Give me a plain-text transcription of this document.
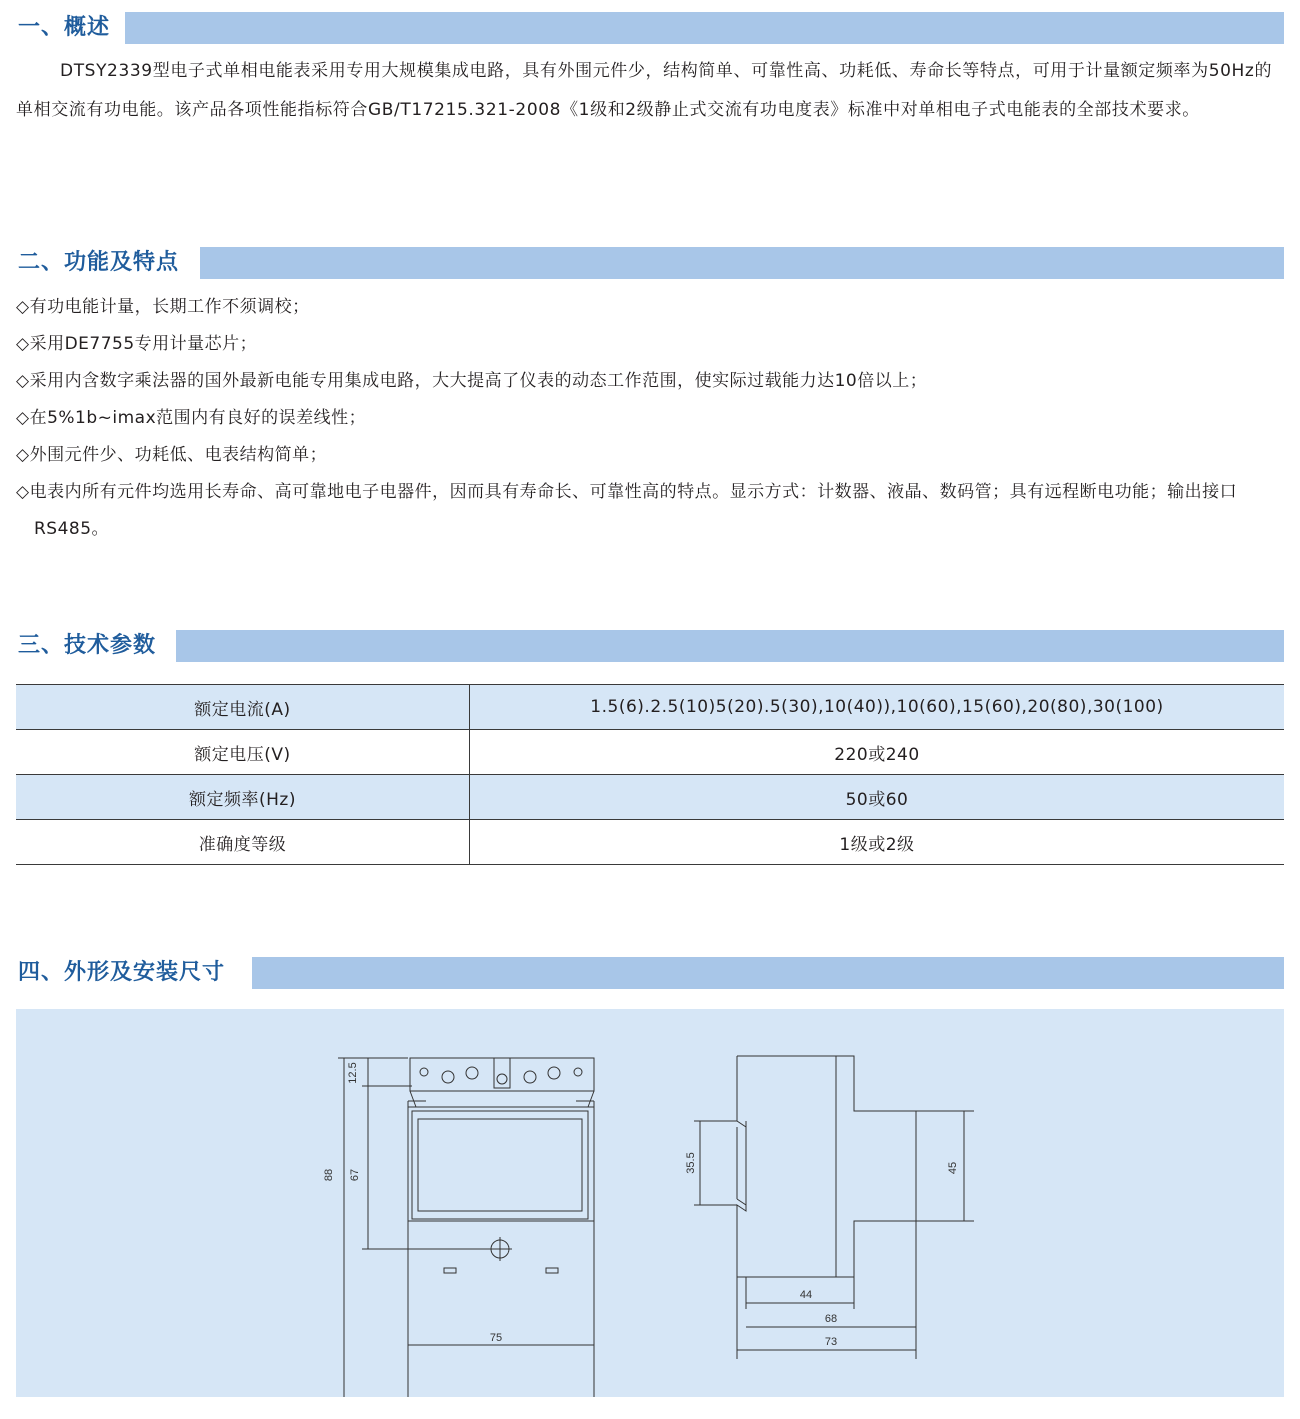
一、概述
DTSY2339型电子式单相电能表采用专用大规模集成电路，具有外围元件少，结构简单、可靠性高、功耗低、寿命长等特点，可用于计量额定频率为50Hz的单相交流有功电能。该产品各项性能指标符合GB/T17215.321-2008《1级和2级静止式交流有功电度表》标准中对单相电子式电能表的全部技术要求。
二、功能及特点
◇有功电能计量，长期工作不须调校；
◇采用DE7755专用计量芯片；
◇采用内含数字乘法器的国外最新电能专用集成电路，大大提高了仪表的动态工作范围，使实际过载能力达10倍以上；
◇在5%1b~imax范围内有良好的误差线性；
◇外围元件少、功耗低、电表结构简单；
◇电表内所有元件均选用长寿命、高可靠地电子电器件，因而具有寿命长、可靠性高的特点。显示方式：计数器、液晶、数码管；具有远程断电功能；输出接口RS485。
三、技术参数
额定电流(A)	1.5(6).2.5(10)5(20).5(30),10(40)),10(60),15(60),20(80),30(100)
额定电压(V)	220或240
额定频率(Hz)	50或60
准确度等级	1级或2级
四、外形及安装尺寸
12.5
88 67
75
35.5	45
44
68
73
